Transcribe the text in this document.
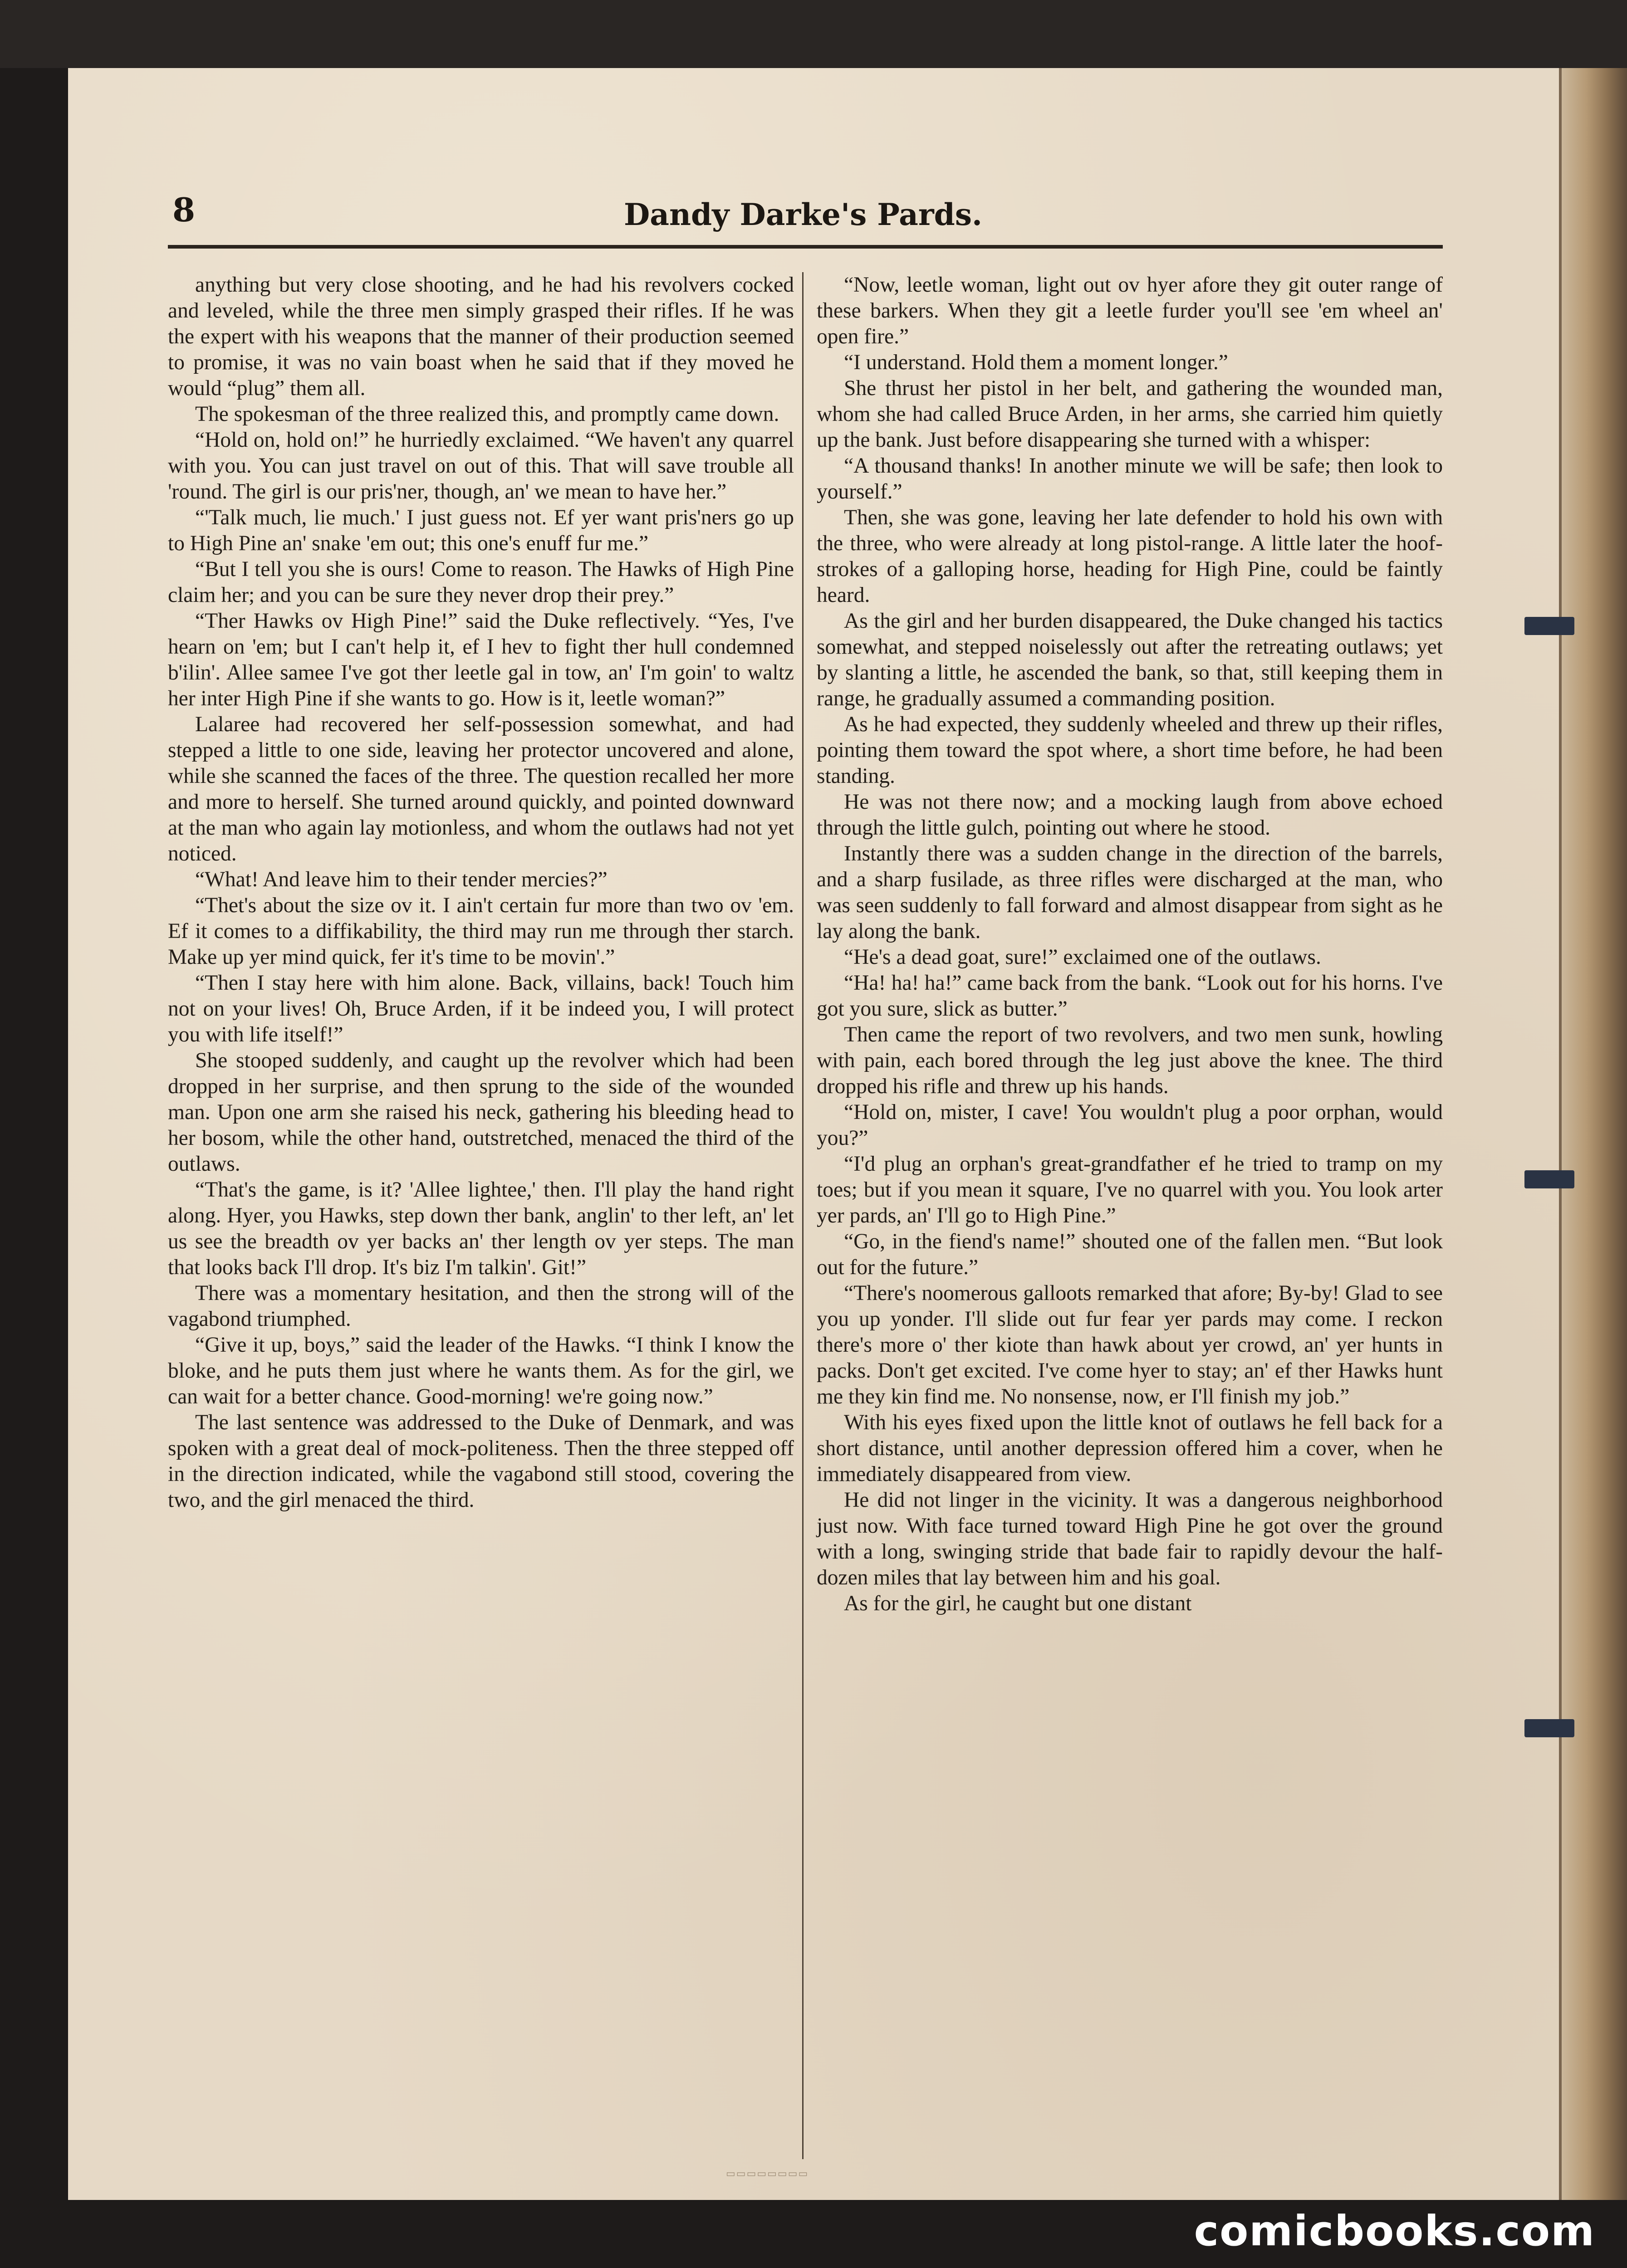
8	Dandy Darke's Pards.

anything but very close shooting, and he had his revolvers cocked and leveled, while the three men simply grasped their rifles. If he was the expert with his weapons that the manner of their production seemed to promise, it was no vain boast when he said that if they moved he would “plug” them all.

The spokesman of the three realized this, and promptly came down.

“Hold on, hold on!” he hurriedly exclaimed. “We haven't any quarrel with you. You can just travel on out of this. That will save trouble all 'round. The girl is our pris'ner, though, an' we mean to have her.”

“'Talk much, lie much.' I just guess not. Ef yer want pris'ners go up to High Pine an' snake 'em out; this one's enuff fur me.”

“But I tell you she is ours! Come to reason. The Hawks of High Pine claim her; and you can be sure they never drop their prey.”

“Ther Hawks ov High Pine!” said the Duke reflectively. “Yes, I've hearn on 'em; but I can't help it, ef I hev to fight ther hull condemned b'ilin'. Allee samee I've got ther leetle gal in tow, an' I'm goin' to waltz her inter High Pine if she wants to go. How is it, leetle woman?”

Lalaree had recovered her self-possession somewhat, and had stepped a little to one side, leaving her protector uncovered and alone, while she scanned the faces of the three. The question recalled her more and more to herself. She turned around quickly, and pointed downward at the man who again lay motionless, and whom the outlaws had not yet noticed.

“What! And leave him to their tender mercies?”

“Thet's about the size ov it. I ain't certain fur more than two ov 'em. Ef it comes to a diffikability, the third may run me through ther starch. Make up yer mind quick, fer it's time to be movin'.”

“Then I stay here with him alone. Back, villains, back! Touch him not on your lives! Oh, Bruce Arden, if it be indeed you, I will protect you with life itself!”

She stooped suddenly, and caught up the revolver which had been dropped in her surprise, and then sprung to the side of the wounded man. Upon one arm she raised his neck, gathering his bleeding head to her bosom, while the other hand, outstretched, menaced the third of the outlaws.

“That's the game, is it? 'Allee lightee,' then. I'll play the hand right along. Hyer, you Hawks, step down ther bank, anglin' to ther left, an' let us see the breadth ov yer backs an' ther length ov yer steps. The man that looks back I'll drop. It's biz I'm talkin'. Git!”

There was a momentary hesitation, and then the strong will of the vagabond triumphed.

“Give it up, boys,” said the leader of the Hawks. “I think I know the bloke, and he puts them just where he wants them. As for the girl, we can wait for a better chance. Good-morning! we're going now.”

The last sentence was addressed to the Duke of Denmark, and was spoken with a great deal of mock-politeness. Then the three stepped off in the direction indicated, while the vagabond still stood, covering the two, and the girl menaced the third.

“Now, leetle woman, light out ov hyer afore they git outer range of these barkers. When they git a leetle furder you'll see 'em wheel an' open fire.”

“I understand. Hold them a moment longer.”

She thrust her pistol in her belt, and gathering the wounded man, whom she had called Bruce Arden, in her arms, she carried him quietly up the bank. Just before disappearing she turned with a whisper:

“A thousand thanks! In another minute we will be safe; then look to yourself.”

Then, she was gone, leaving her late defender to hold his own with the three, who were already at long pistol-range. A little later the hoof-strokes of a galloping horse, heading for High Pine, could be faintly heard.

As the girl and her burden disappeared, the Duke changed his tactics somewhat, and stepped noiselessly out after the retreating outlaws; yet by slanting a little, he ascended the bank, so that, still keeping them in range, he gradually assumed a commanding position.

As he had expected, they suddenly wheeled and threw up their rifles, pointing them toward the spot where, a short time before, he had been standing.

He was not there now; and a mocking laugh from above echoed through the little gulch, pointing out where he stood.

Instantly there was a sudden change in the direction of the barrels, and a sharp fusilade, as three rifles were discharged at the man, who was seen suddenly to fall forward and almost disappear from sight as he lay along the bank.

“He's a dead goat, sure!” exclaimed one of the outlaws.

“Ha! ha! ha!” came back from the bank. “Look out for his horns. I've got you sure, slick as butter.”

Then came the report of two revolvers, and two men sunk, howling with pain, each bored through the leg just above the knee. The third dropped his rifle and threw up his hands.

“Hold on, mister, I cave! You wouldn't plug a poor orphan, would you?”

“I'd plug an orphan's great-grandfather ef he tried to tramp on my toes; but if you mean it square, I've no quarrel with you. You look arter yer pards, an' I'll go to High Pine.”

“Go, in the fiend's name!” shouted one of the fallen men. “But look out for the future.”

“There's noomerous galloots remarked that afore; By-by! Glad to see you up yonder. I'll slide out fur fear yer pards may come. I reckon there's more o' ther kiote than hawk about yer crowd, an' yer hunts in packs. Don't get excited. I've come hyer to stay; an' ef ther Hawks hunt me they kin find me. No nonsense, now, er I'll finish my job.”

With his eyes fixed upon the little knot of outlaws he fell back for a short distance, until another depression offered him a cover, when he immediately disappeared from view.

He did not linger in the vicinity. It was a dangerous neighborhood just now. With face turned toward High Pine he got over the ground with a long, swinging stride that bade fair to rapidly devour the half-dozen miles that lay between him and his goal.

As for the girl, he caught but one distant

▭▭▭▭▭▭▭▭
comicbooks.com
